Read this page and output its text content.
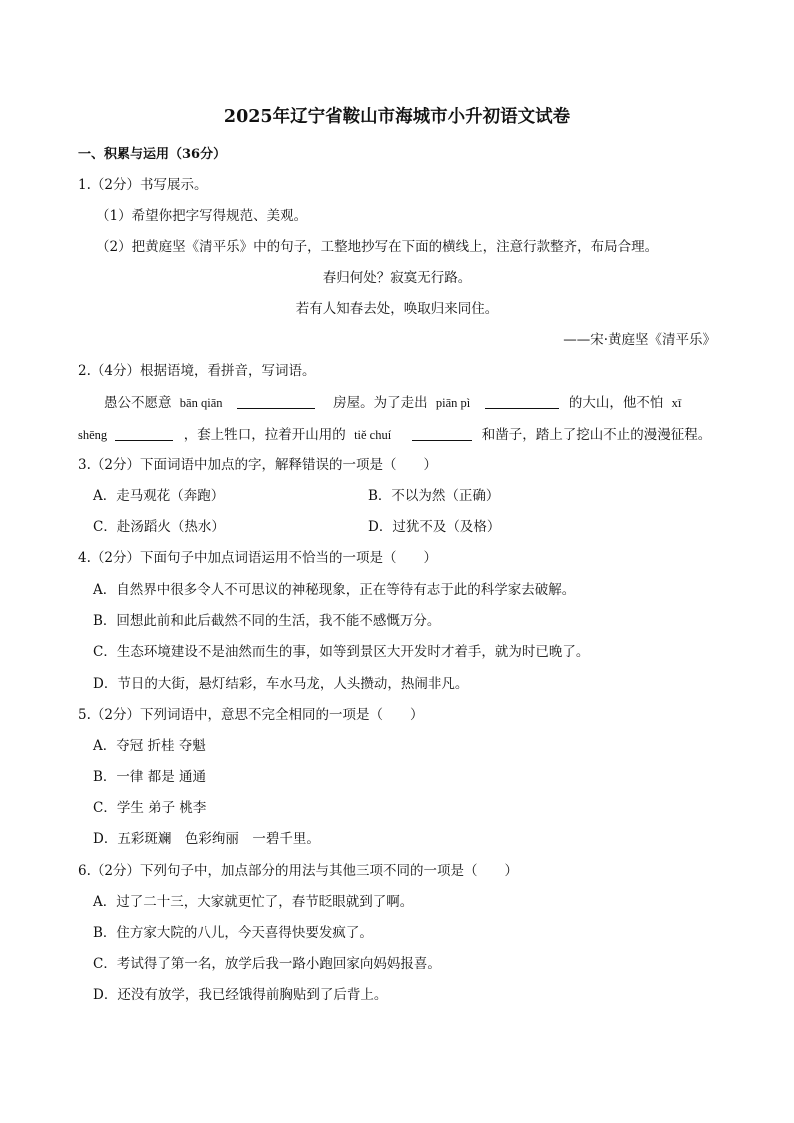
2025年辽宁省鞍山市海城市小升初语文试卷
一、积累与运用（36分）
1.（2分）书写展示。
（1）希望你把字写得规范、美观。
（2）把黄庭坚《清平乐》中的句子，工整地抄写在下面的横线上，注意行款整齐，布局合理。
春归何处？寂寞无行路。
若有人知春去处，唤取归来同住。
——宋·黄庭坚《清平乐》
2.（4分）根据语境，看拼音，写词语。
愚公不愿意 bān qiān	房屋。为了走出 piān pì	的大山，他不怕 xī
shēng	，套上牲口，拉着开山用的 tiě chuí	和凿子，踏上了挖山不止的漫漫征程。
3.（2分）下面词语中加点的字，解释错误的一项是（　　）
A．走马观花（奔跑）	B．不以为然（正确）
C．赴汤蹈火（热水）	D．过犹不及（及格）
4.（2分）下面句子中加点词语运用不恰当的一项是（　　）
A．自然界中很多令人不可思议的神秘现象，正在等待有志于此的科学家去破解。
B．回想此前和此后截然不同的生活，我不能不感慨万分。
C．生态环境建设不是油然而生的事，如等到景区大开发时才着手，就为时已晚了。
D．节日的大街，悬灯结彩，车水马龙，人头攒动，热闹非凡。
5.（2分）下列词语中，意思不完全相同的一项是（　　）
A．夺冠 折桂 夺魁
B．一律 都是 通通
C．学生 弟子 桃李
D．五彩斑斓　色彩绚丽　一碧千里。
6.（2分）下列句子中，加点部分的用法与其他三项不同的一项是（　　）
A．过了二十三，大家就更忙了，春节眨眼就到了啊。
B．住方家大院的八儿，今天喜得快要发疯了。
C．考试得了第一名，放学后我一路小跑回家向妈妈报喜。
D．还没有放学，我已经饿得前胸贴到了后背上。
